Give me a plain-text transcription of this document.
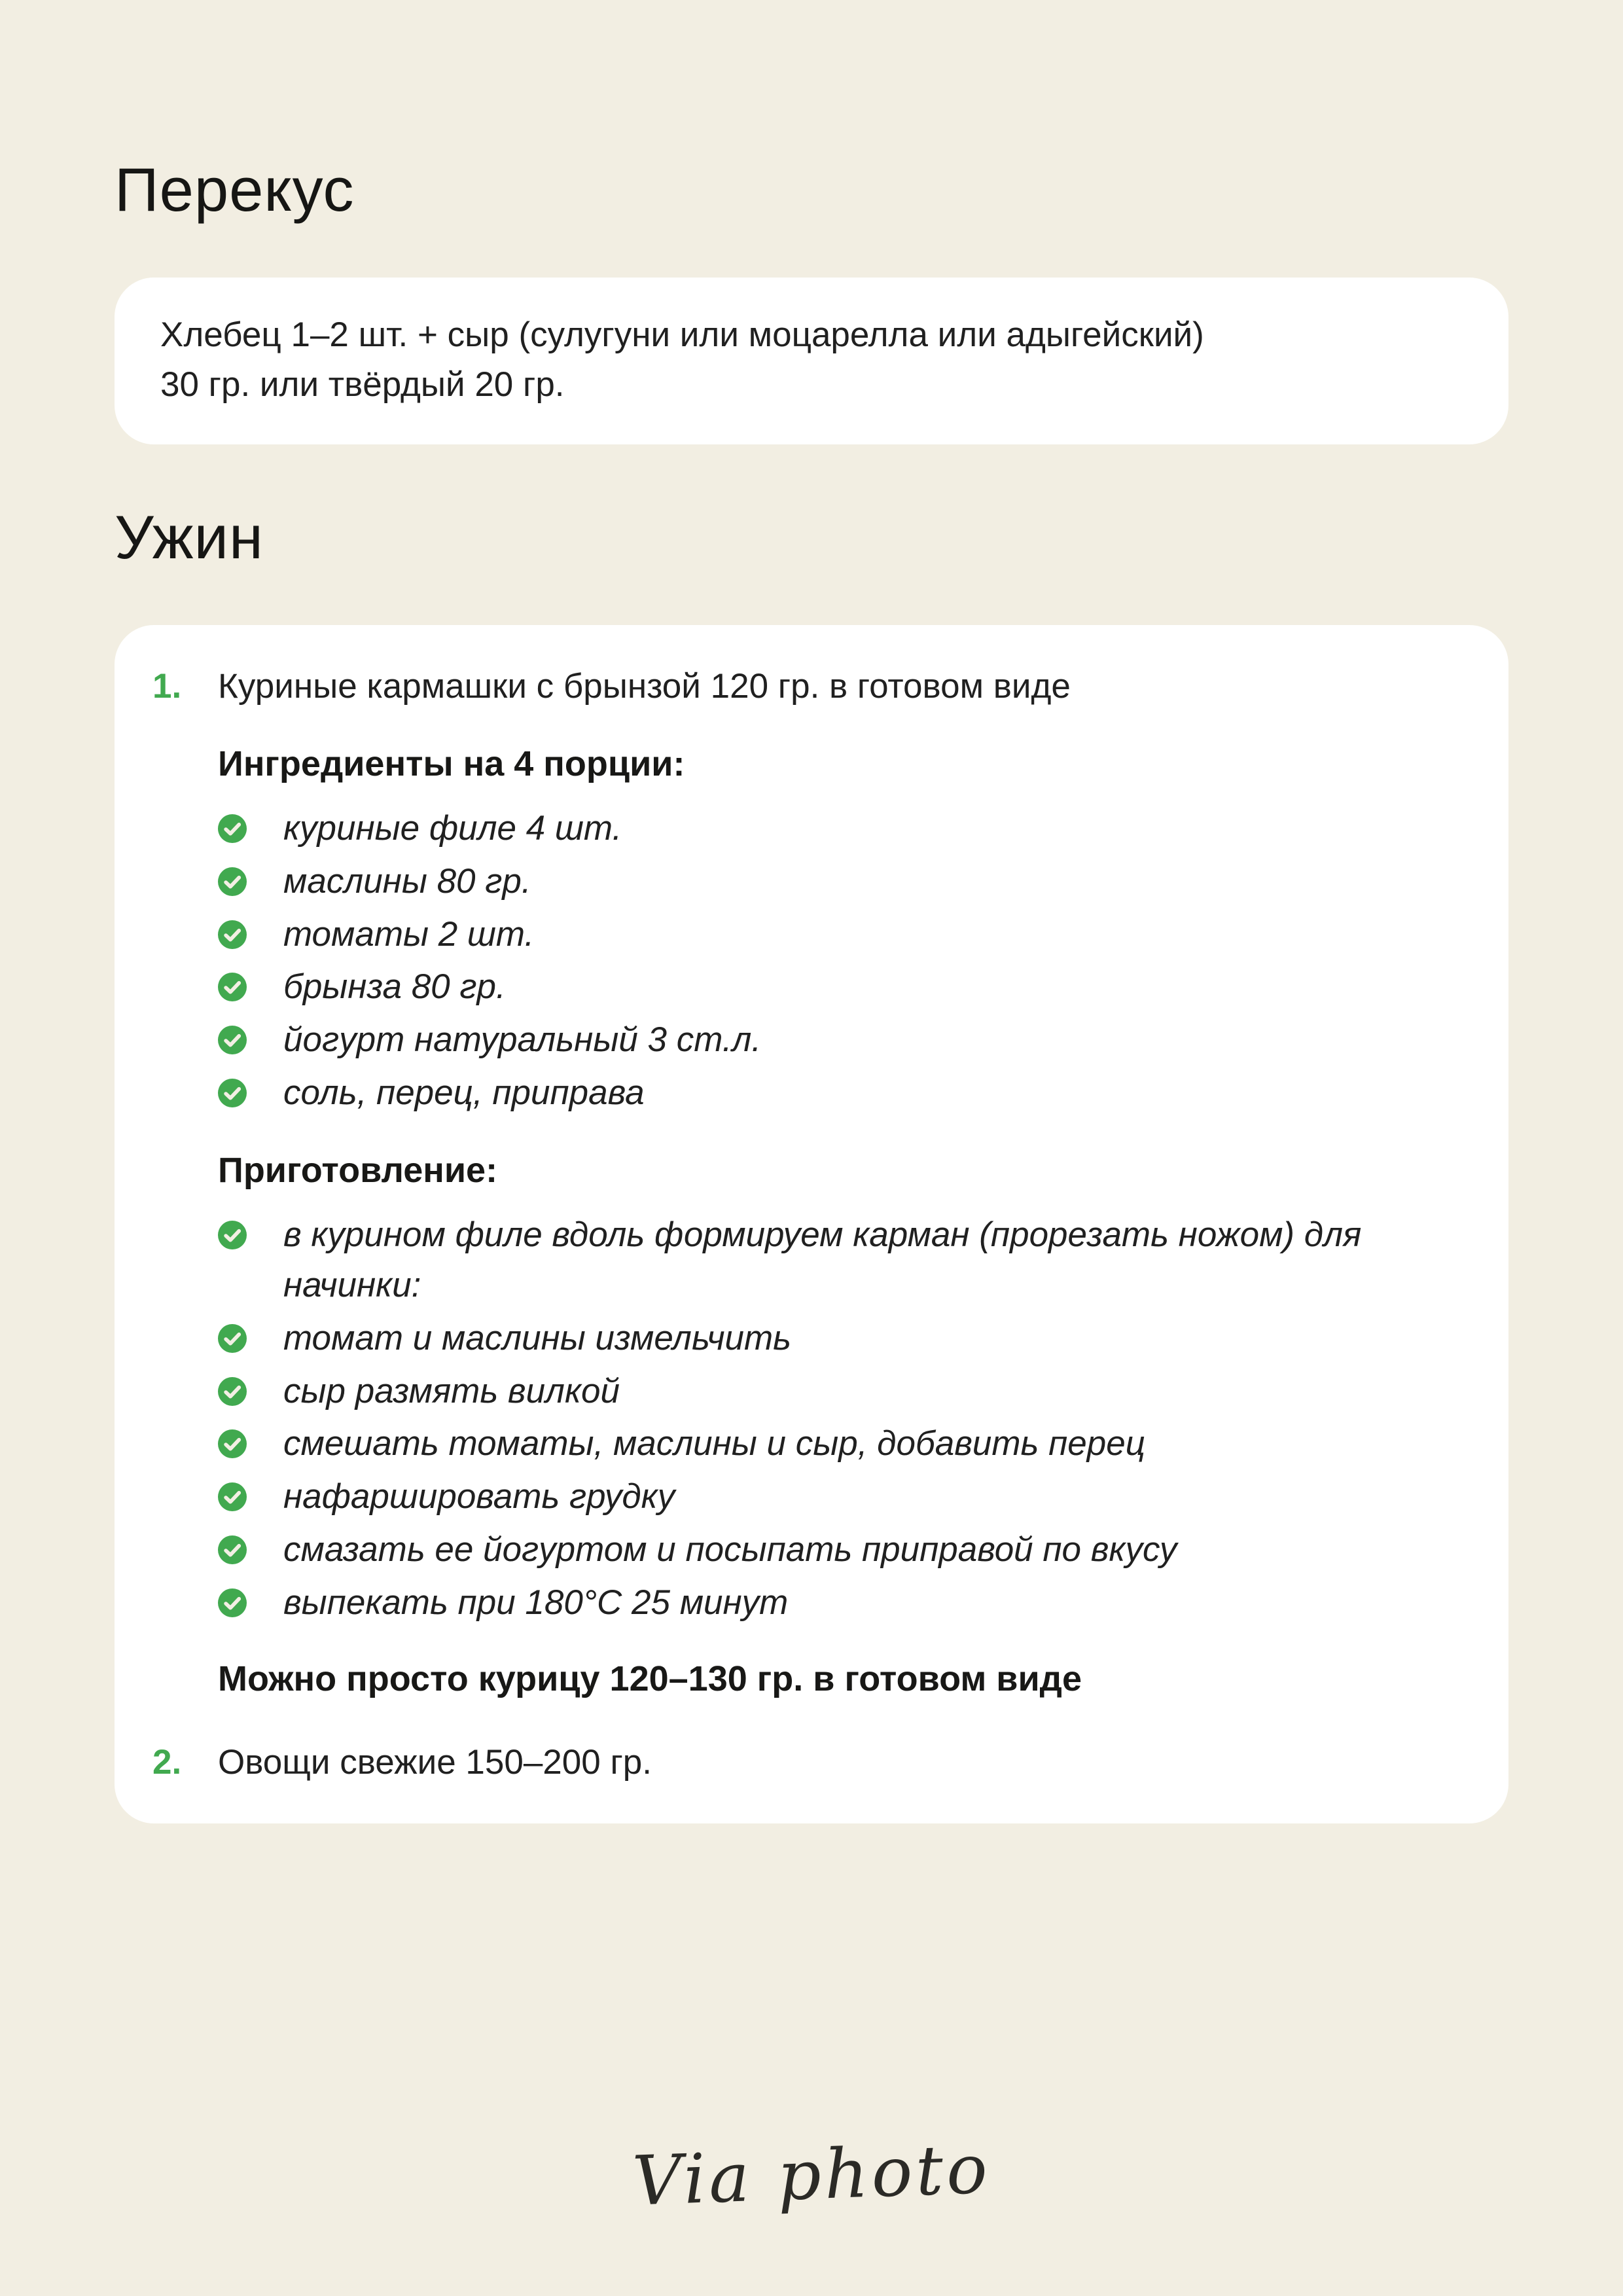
Перекус

Хлебец 1–2 шт. + сыр (сулугуни или моцарелла или адыгейский)

30 гр. или твёрдый 20 гр.

Ужин
1.	Куриные кармашки с брынзой 120 гр. в готовом виде

Ингредиенты на 4 порции:
куриные филе 4 шт.
маслины 80 гр.
томаты 2 шт.
брынза 80 гр.
йогурт натуральный 3 ст.л.
соль, перец, приправа
Приготовление:
в курином филе вдоль формируем карман (прорезать ножом) для начинки:
томат и маслины измельчить
сыр размять вилкой
смешать томаты, маслины и сыр, добавить перец
нафаршировать грудку
смазать ее йогуртом и посыпать приправой по вкусу
выпекать при 180°С 25 минут

Можно просто курицу 120–130 гр. в готовом виде

2.	Овощи свежие 150–200 гр.

Via photo
